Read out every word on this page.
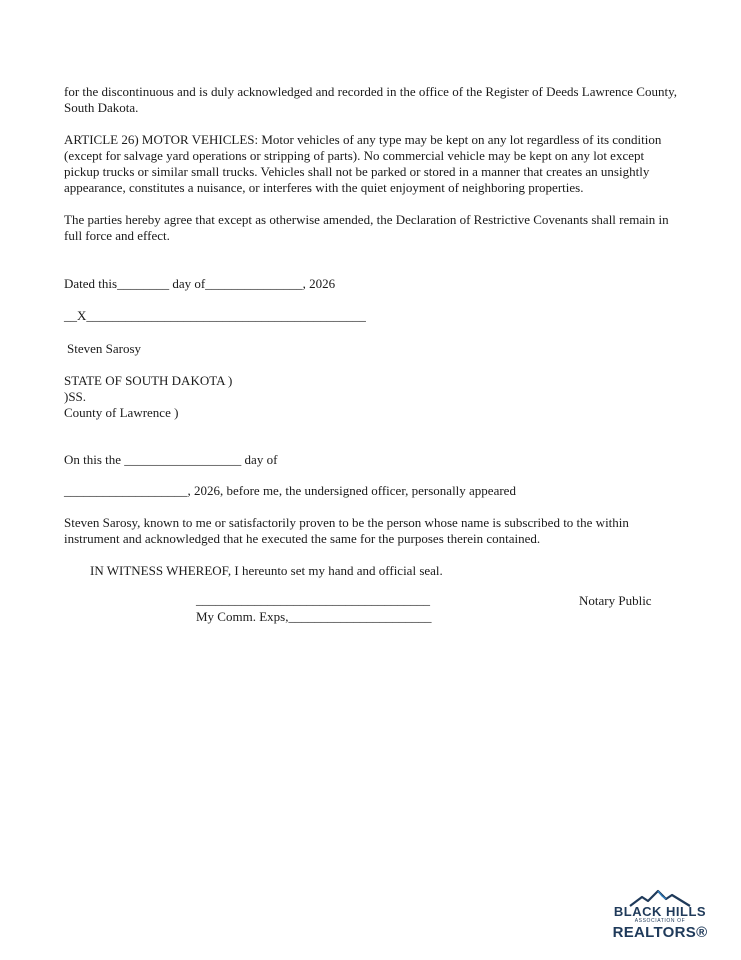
for the discontinuous and is duly acknowledged and recorded in the office of the Register of Deeds Lawrence County, South Dakota.

ARTICLE 26) MOTOR VEHICLES: Motor vehicles of any type may be kept on any lot regardless of its condition (except for salvage yard operations or stripping of parts). No commercial vehicle may be kept on any lot except pickup trucks or similar small trucks. Vehicles shall not be parked or stored in a manner that creates an unsightly appearance, constitutes a nuisance, or interferes with the quiet enjoyment of neighboring properties.

The parties hereby agree that except as otherwise amended, the Declaration of Restrictive Covenants shall remain in full force and effect.

Dated this________ day of_______________, 2026
__X___________________________________________
Steven Sarosy
STATE OF SOUTH DAKOTA )
)SS.
County of Lawrence )
On this the __________________ day of
___________________, 2026, before me, the undersigned officer, personally appeared

Steven Sarosy, known to me or satisfactorily proven to be the person whose name is subscribed to the within instrument and acknowledged that he executed the same for the purposes therein contained.

IN WITNESS WHEREOF, I hereunto set my hand and official seal.
____________________________________	Notary Public
My Comm. Exps,______________________
BLACK HILLS
ASSOCIATION OF
REALTORS®
